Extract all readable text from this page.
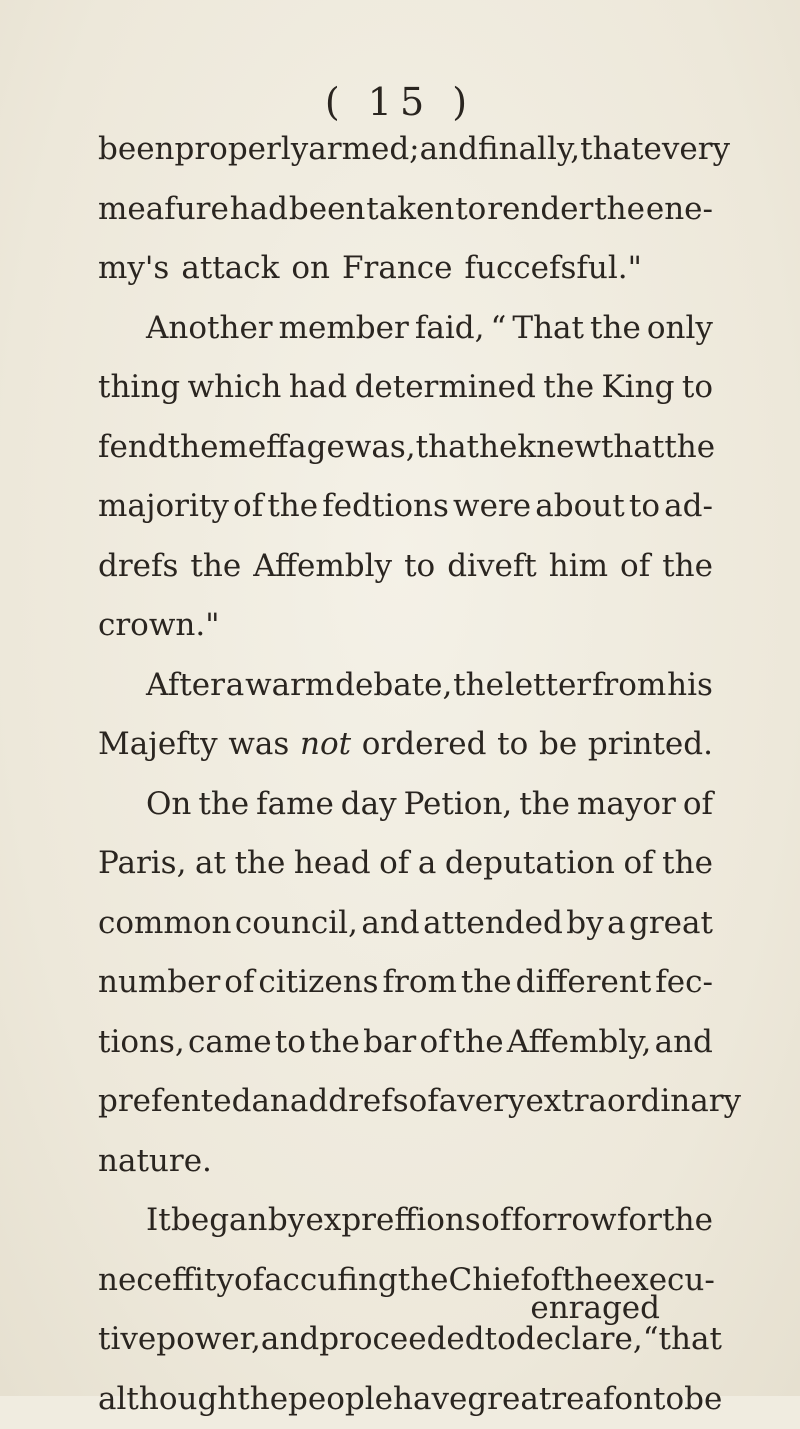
( 15 )
been properly armed ; and finally, that every
meafure had been taken to render the ene-
my's attack on France fuccefsful."
Another member faid, “ That the only
thing which had determined the King to
fend the meffage was, that he knew that the
majority of the fedtions were about to ad-
drefs the Affembly to diveft him of the
crown."
After a warm debate, the letter from his
Majefty was not ordered to be printed.
On the fame day Petion, the mayor of
Paris, at the head of a deputation of the
common council, and attended by a great
number of citizens from the different fec-
tions, came to the bar of the Affembly, and
prefented an addrefs of a very extraordinary
nature.
It began by expreffions of forrow for the
neceffity of accufing the Chief of the execu-
tive power, and proceeded to declare, “that
although the people have great reafon to be
enraged
